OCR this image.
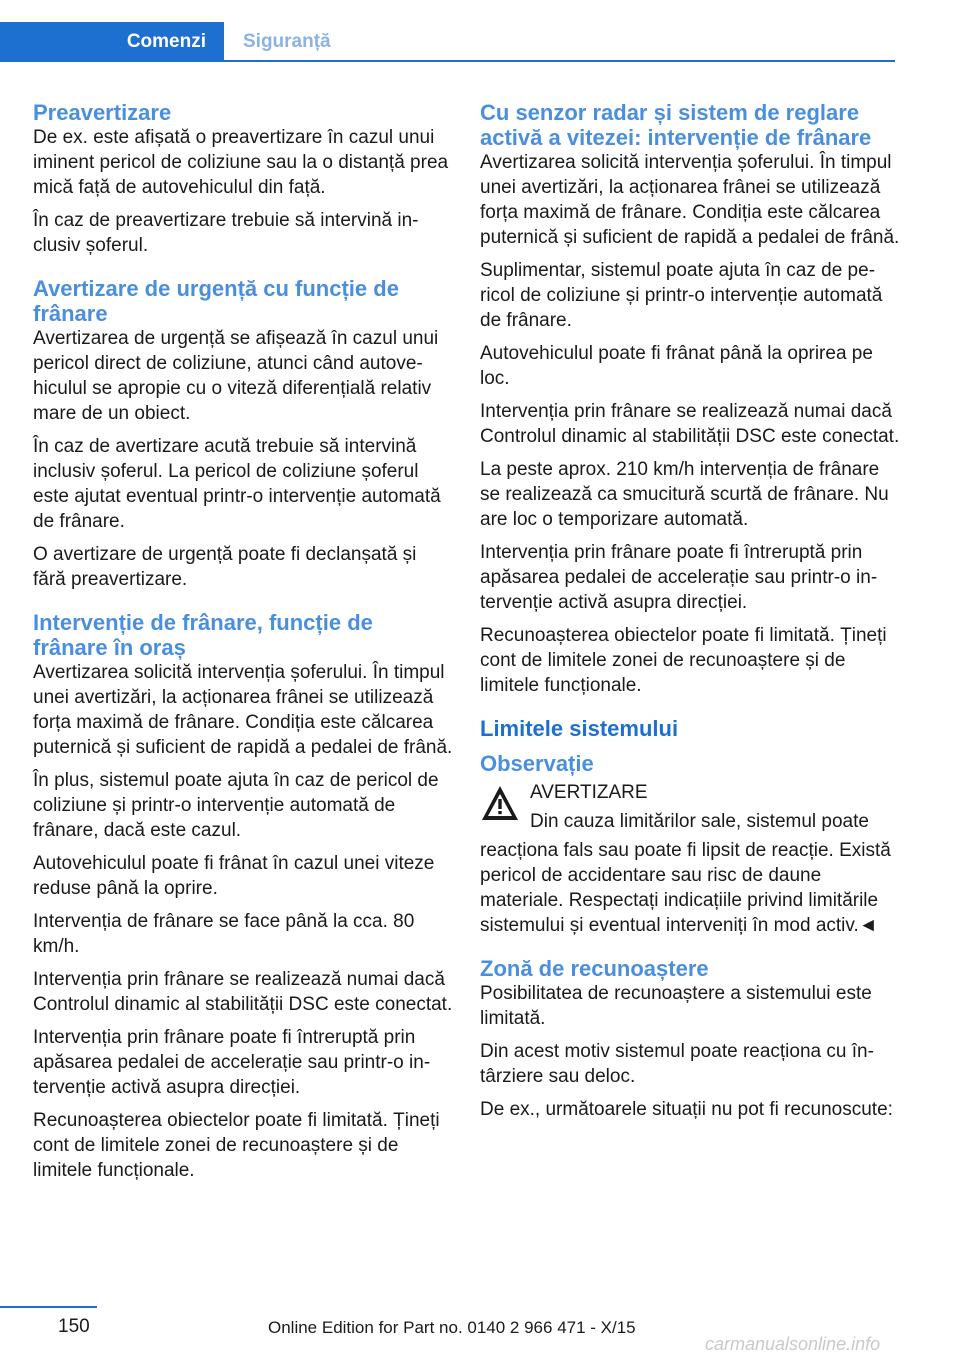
Comenzi	Siguranță
Preavertizare

De ex. este afișată o preavertizare în cazul unui iminent pericol de coliziune sau la o distanță prea mică față de autovehiculul din față.

În caz de preavertizare trebuie să intervină inclusiv șoferul.

Avertizare de urgență cu funcție de frânare

Avertizarea de urgență se afișează în cazul unui pericol direct de coliziune, atunci când autovehiculul se apropie cu o viteză diferențială relativ mare de un obiect.

În caz de avertizare acută trebuie să intervină inclusiv șoferul. La pericol de coliziune șoferul este ajutat eventual printr-o intervenție automată de frânare.

O avertizare de urgență poate fi declanșată și fără preavertizare.

Intervenție de frânare, funcție de frânare în oraș

Avertizarea solicită intervenția șoferului. În timpul unei avertizări, la acționarea frânei se utilizează forța maximă de frânare. Condiția este călcarea puternică și suficient de rapidă a pedalei de frână.

În plus, sistemul poate ajuta în caz de pericol de coliziune și printr-o intervenție automată de frânare, dacă este cazul.

Autovehiculul poate fi frânat în cazul unei viteze reduse până la oprire.

Intervenția de frânare se face până la cca. 80 km/h.

Intervenția prin frânare se realizează numai dacă Controlul dinamic al stabilității DSC este conectat.

Intervenția prin frânare poate fi întreruptă prin apăsarea pedalei de accelerație sau printr-o intervenție activă asupra direcției.

Recunoașterea obiectelor poate fi limitată. Țineți cont de limitele zonei de recunoaștere și de limitele funcționale.

Cu senzor radar și sistem de reglare activă a vitezei: intervenție de frânare

Avertizarea solicită intervenția șoferului. În timpul unei avertizări, la acționarea frânei se utilizează forța maximă de frânare. Condiția este călcarea puternică și suficient de rapidă a pedalei de frână.

Suplimentar, sistemul poate ajuta în caz de pericol de coliziune și printr-o intervenție automată de frânare.

Autovehiculul poate fi frânat până la oprirea pe loc.

Intervenția prin frânare se realizează numai dacă Controlul dinamic al stabilității DSC este conectat.

La peste aprox. 210 km/h intervenția de frânare se realizează ca smucitură scurtă de frânare. Nu are loc o temporizare automată.

Intervenția prin frânare poate fi întreruptă prin apăsarea pedalei de accelerație sau printr-o intervenție activă asupra direcției.

Recunoașterea obiectelor poate fi limitată. Țineți cont de limitele zonei de recunoaștere și de limitele funcționale.

Limitele sistemului
Observație

AVERTIZARE

Din cauza limitărilor sale, sistemul poate

reacționa fals sau poate fi lipsit de reacție. Există pericol de accidentare sau risc de daune materiale. Respectați indicațiile privind limitările sistemului și eventual interveniți în mod activ.◄

Zonă de recunoaștere

Posibilitatea de recunoaștere a sistemului este limitată.

Din acest motiv sistemul poate reacționa cu întârziere sau deloc.

De ex., următoarele situații nu pot fi recunoscute:

150	Online Edition for Part no. 0140 2 966 471 - X/15
carmanualsonline.info
